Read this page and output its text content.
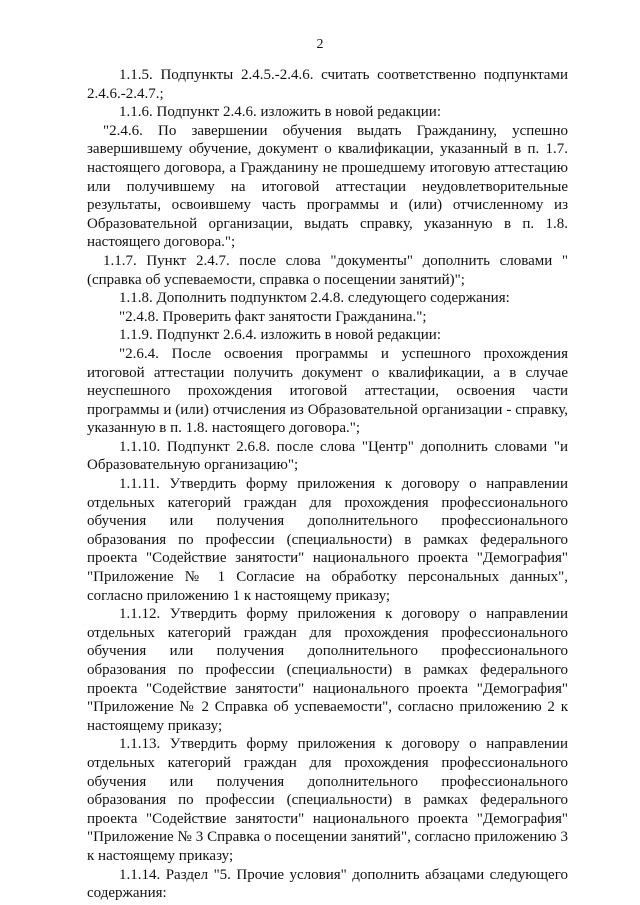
2

1.1.5. Подпункты 2.4.5.-2.4.6. считать соответственно подпунктами 2.4.6.-2.4.7.;

1.1.6. Подпункт 2.4.6. изложить в новой редакции:

"2.4.6. По завершении обучения выдать Гражданину, успешно завершившему обучение, документ о квалификации, указанный в п. 1.7. настоящего договора, а Гражданину не прошедшему итоговую аттестацию или получившему на итоговой аттестации неудовлетворительные результаты, освоившему часть программы и (или) отчисленному из Образовательной организации, выдать справку, указанную в п. 1.8. настоящего договора.";

1.1.7. Пункт 2.4.7. после слова "документы" дополнить словами "(справка об успеваемости, справка о посещении занятий)";

1.1.8. Дополнить подпунктом 2.4.8. следующего содержания:

"2.4.8. Проверить факт занятости Гражданина.";

1.1.9. Подпункт 2.6.4. изложить в новой редакции:

"2.6.4. После освоения программы и успешного прохождения итоговой аттестации получить документ о квалификации, а в случае неуспешного прохождения итоговой аттестации, освоения части программы и (или) отчисления из Образовательной организации - справку, указанную в п. 1.8. настоящего договора.";

1.1.10. Подпункт 2.6.8. после слова "Центр" дополнить словами "и Образовательную организацию";

1.1.11. Утвердить форму приложения к договору о направлении отдельных категорий граждан для прохождения профессионального обучения или получения дополнительного профессионального образования по профессии (специальности) в рамках федерального проекта "Содействие занятости" национального проекта "Демография" "Приложение № 1 Согласие на обработку персональных данных", согласно приложению 1 к настоящему приказу;

1.1.12. Утвердить форму приложения к договору о направлении отдельных категорий граждан для прохождения профессионального обучения или получения дополнительного профессионального образования по профессии (специальности) в рамках федерального проекта "Содействие занятости" национального проекта "Демография" "Приложение № 2 Справка об успеваемости", согласно приложению 2 к настоящему приказу;

1.1.13. Утвердить форму приложения к договору о направлении отдельных категорий граждан для прохождения профессионального обучения или получения дополнительного профессионального образования по профессии (специальности) в рамках федерального проекта "Содействие занятости" национального проекта "Демография" "Приложение № 3 Справка о посещении занятий", согласно приложению 3 к настоящему приказу;

1.1.14. Раздел "5. Прочие условия" дополнить абзацами следующего содержания:
